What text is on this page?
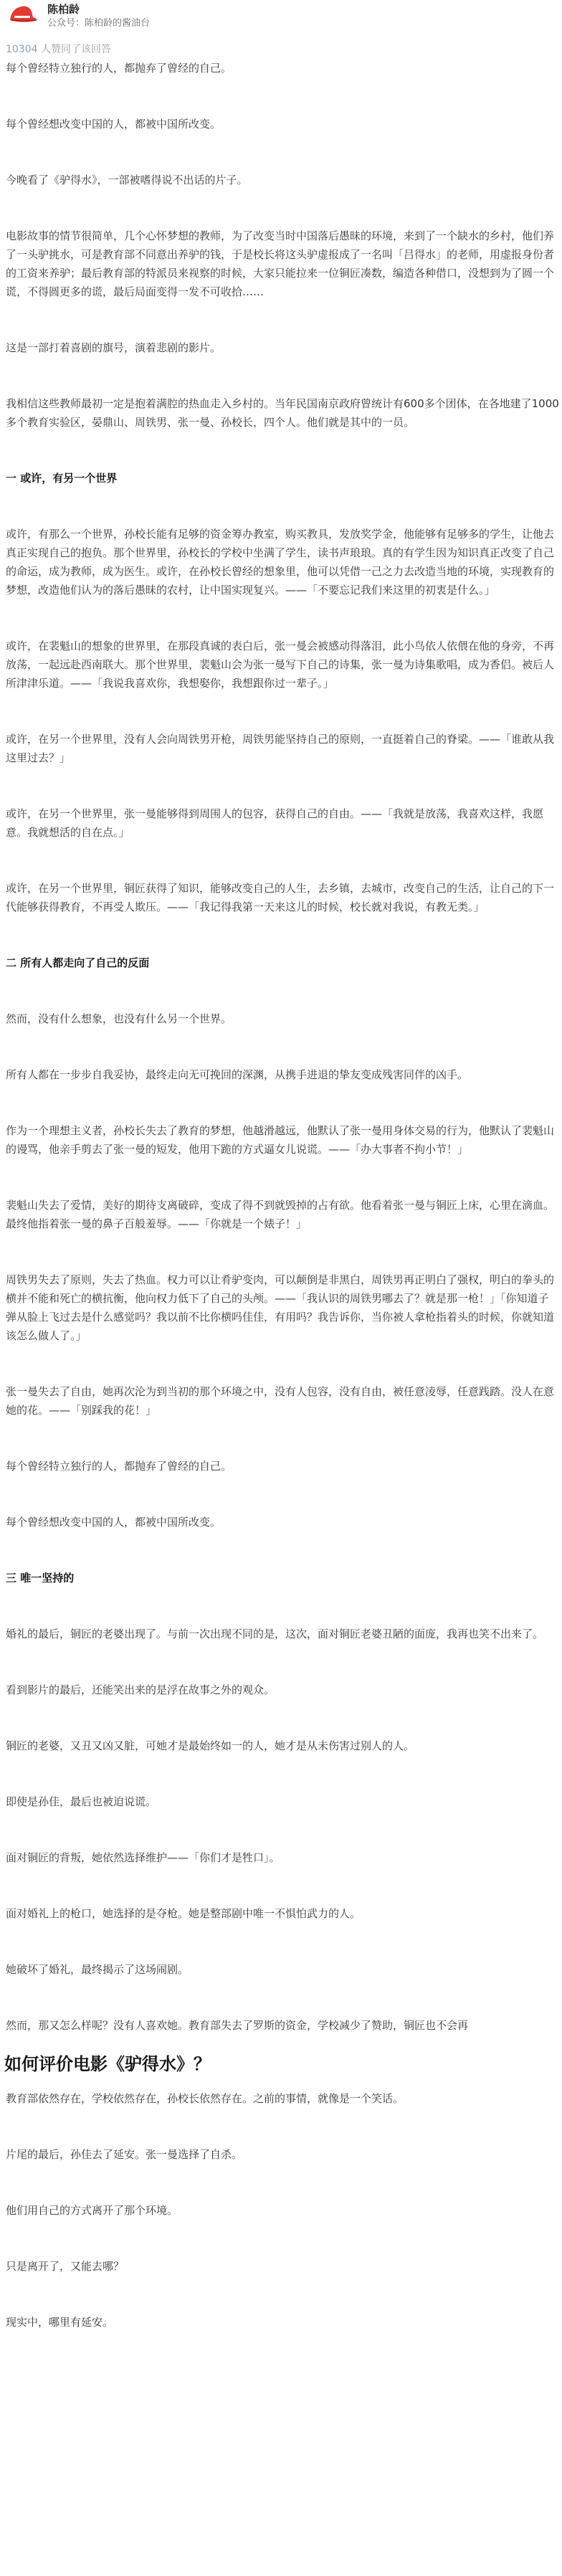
陈柏龄
公众号：陈柏龄的酱油台
10304 人赞同了该回答

每个曾经特立独行的人，都抛弃了曾经的自己。

每个曾经想改变中国的人，都被中国所改变。

今晚看了《驴得水》，一部被嗜得说不出话的片子。

电影故事的情节很简单，几个心怀梦想的教师，为了改变当时中国落后愚昧的环境，来到了一个缺水的乡村，他们养了一头驴挑水，可是教育部不同意出养驴的钱，于是校长将这头驴虚报成了一名叫「吕得水」的老师，用虚报身份者的工资来养驴；最后教育部的特派员来视察的时候，大家只能拉来一位铜匠凑数，编造各种借口，没想到为了圆一个谎，不得圆更多的谎，最后局面变得一发不可收拾……

这是一部打着喜剧的旗号，演着悲剧的影片。

我相信这些教师最初一定是抱着满腔的热血走入乡村的。当年民国南京政府曾统计有600多个团体，在各地建了1000多个教育实验区，晏鼎山、周铁男、张一曼、孙校长，四个人。他们就是其中的一员。

一 或许，有另一个世界

或许，有那么一个世界，孙校长能有足够的资金筹办教室，购买教具，发放奖学金，他能够有足够多的学生，让他去真正实现自己的抱负。那个世界里，孙校长的学校中坐满了学生，读书声琅琅。真的有学生因为知识真正改变了自己的命运，成为教师，成为医生。或许，在孙校长曾经的想象里，他可以凭借一己之力去改造当地的环境，实现教育的梦想，改造他们认为的落后愚昧的农村，让中国实现复兴。——「不要忘记我们来这里的初衷是什么。」

或许，在裴魁山的想象的世界里，在那段真诚的表白后，张一曼会被感动得落泪，此小鸟依人依偎在他的身旁，不再放荡，一起远赴西南联大。那个世界里，裴魁山会为张一曼写下自己的诗集，张一曼为诗集歌唱，成为香侣。被后人所津津乐道。——「我说我喜欢你，我想娶你，我想跟你过一辈子。」

或许，在另一个世界里，没有人会向周铁男开枪，周铁男能坚持自己的原则，一直挺着自己的脊梁。——「谁敢从我这里过去？」

或许，在另一个世界里，张一曼能够得到周围人的包容，获得自己的自由。——「我就是放荡，我喜欢这样，我愿意。我就想活的自在点。」

或许，在另一个世界里，铜匠获得了知识，能够改变自己的人生，去乡镇，去城市，改变自己的生活，让自己的下一代能够获得教育，不再受人欺压。——「我记得我第一天来这儿的时候，校长就对我说，有教无类。」

二 所有人都走向了自己的反面

然而，没有什么想象，也没有什么另一个世界。

所有人都在一步步自我妥协，最终走向无可挽回的深渊，从携手进退的挚友变成残害同伴的凶手。

作为一个理想主义者，孙校长失去了教育的梦想，他越滑越远，他默认了张一曼用身体交易的行为，他默认了裴魁山的谩骂，他亲手剪去了张一曼的短发，他用下跪的方式逼女儿说谎。——「办大事者不拘小节！」

裴魁山失去了爱情，美好的期待支离破碎，变成了得不到就毁掉的占有欲。他看着张一曼与铜匠上床，心里在滴血。最终他指着张一曼的鼻子百般羞辱。——「你就是一个婊子！」

周铁男失去了原则，失去了热血。权力可以让肴驴变肉，可以颠倒是非黑白，周铁男再正明白了强权，明白的拳头的横并不能和死亡的横抗衡，他向权力低下了自己的头颅。——「我认识的周铁男哪去了？就是那一枪！」「你知道子弹从脸上飞过去是什么感觉吗？我以前不比你横吗佳佳，有用吗？我告诉你，当你被人拿枪指着头的时候，你就知道该怎么做人了。」

张一曼失去了自由，她再次沦为到当初的那个环境之中，没有人包容，没有自由，被任意凌辱，任意践踏。没人在意她的花。——「别踩我的花！」

每个曾经特立独行的人，都抛弃了曾经的自己。

每个曾经想改变中国的人，都被中国所改变。

三 唯一坚持的

婚礼的最后，铜匠的老婆出现了。与前一次出现不同的是，这次，面对铜匠老婆丑陋的面庞，我再也笑不出来了。

看到影片的最后，还能笑出来的是浮在故事之外的观众。

铜匠的老婆，又丑又凶又脏，可她才是最始终如一的人，她才是从未伤害过别人的人。

即使是孙佳，最后也被迫说谎。

面对铜匠的背叛，她依然选择维护——「你们才是牲口」。

面对婚礼上的枪口，她选择的是夺枪。她是整部剧中唯一不惧怕武力的人。

她破坏了婚礼，最终揭示了这场闹剧。

然而，那又怎么样呢？没有人喜欢她。教育部失去了罗斯的资金，学校减少了赞助，铜匠也不会再

如何评价电影《驴得水》？

教育部依然存在，学校依然存在，孙校长依然存在。之前的事情，就像是一个笑话。

片尾的最后，孙佳去了延安。张一曼选择了自杀。

他们用自己的方式离开了那个环境。

只是离开了，又能去哪？

现实中，哪里有延安。
